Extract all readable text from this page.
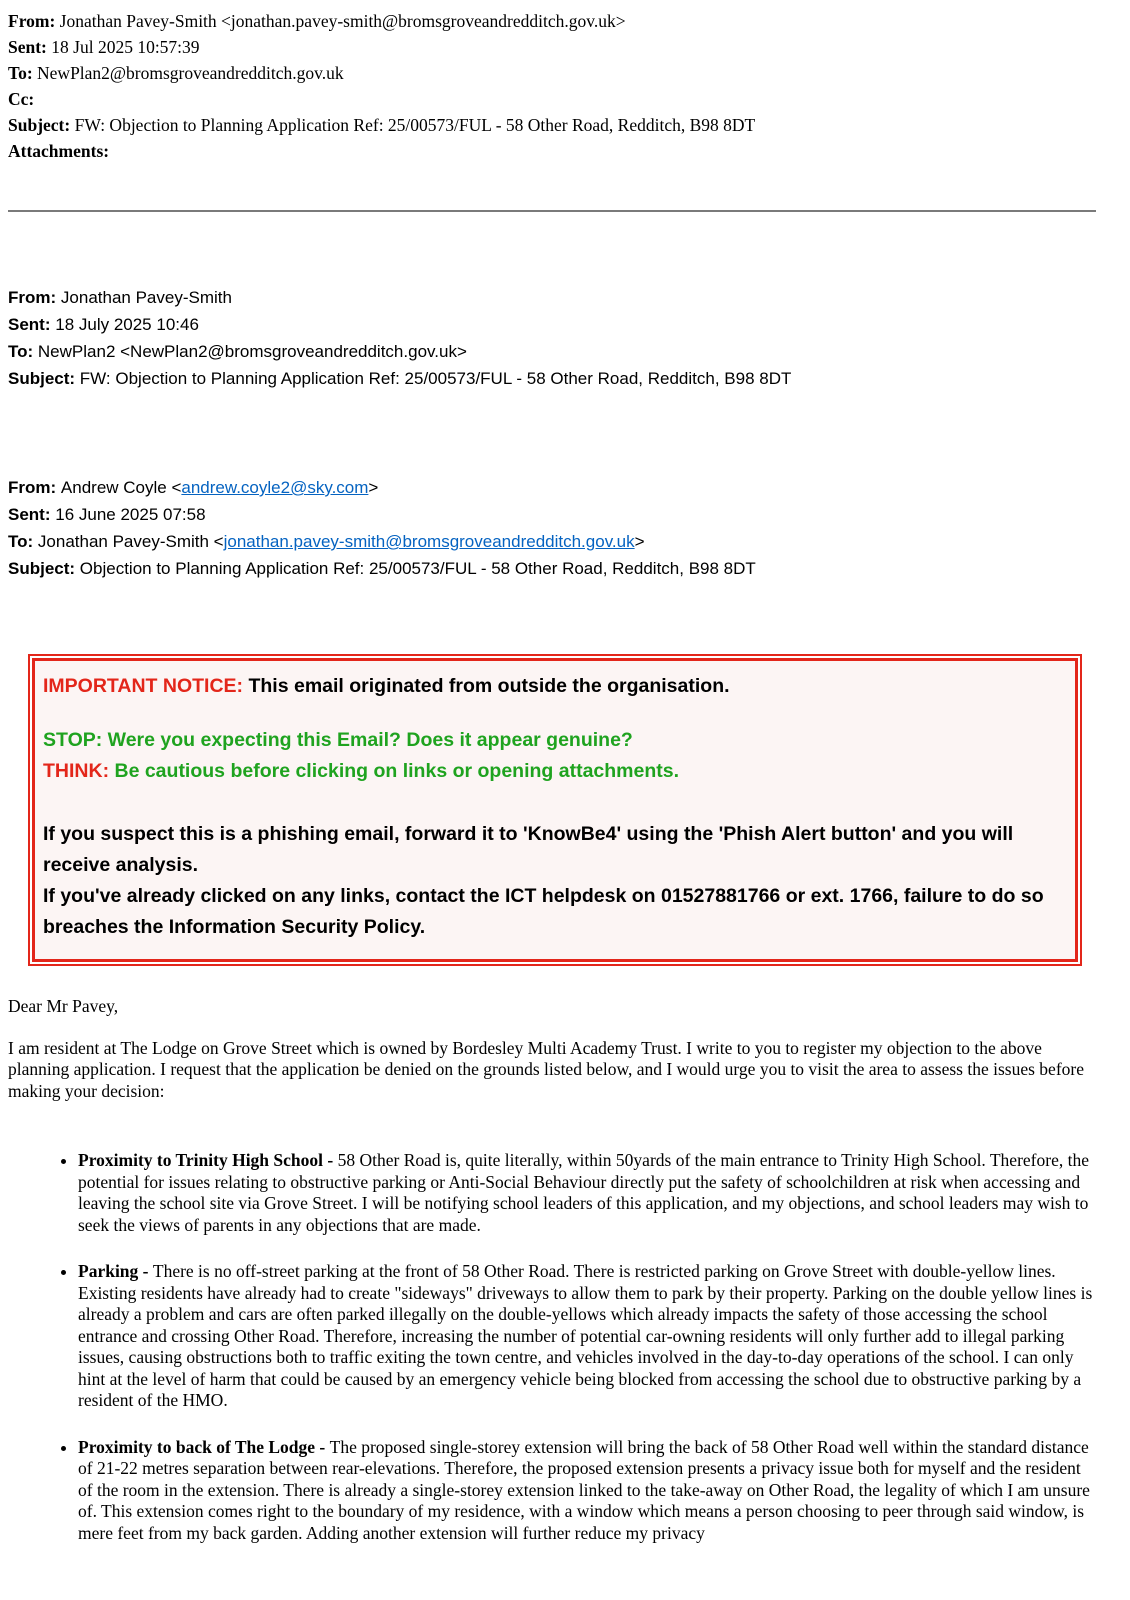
From: Jonathan Pavey-Smith <jonathan.pavey-smith@bromsgroveandredditch.gov.uk>
Sent: 18 Jul 2025 10:57:39
To: NewPlan2@bromsgroveandredditch.gov.uk
Cc:
Subject: FW: Objection to Planning Application Ref: 25/00573/FUL - 58 Other Road, Redditch, B98 8DT
Attachments:
From: Jonathan Pavey-Smith
Sent: 18 July 2025 10:46
To: NewPlan2 <NewPlan2@bromsgroveandredditch.gov.uk>
Subject: FW: Objection to Planning Application Ref: 25/00573/FUL - 58 Other Road, Redditch, B98 8DT
From: Andrew Coyle <andrew.coyle2@sky.com>
Sent: 16 June 2025 07:58
To: Jonathan Pavey-Smith <jonathan.pavey-smith@bromsgroveandredditch.gov.uk>
Subject: Objection to Planning Application Ref: 25/00573/FUL - 58 Other Road, Redditch, B98 8DT

IMPORTANT NOTICE: This email originated from outside the organisation.

STOP: Were you expecting this Email? Does it appear genuine?

THINK: Be cautious before clicking on links or opening attachments.

If you suspect this is a phishing email, forward it to 'KnowBe4' using the 'Phish Alert button' and you will receive analysis.

If you've already clicked on any links, contact the ICT helpdesk on 01527881766 or ext. 1766, failure to do so breaches the Information Security Policy.

Dear Mr Pavey,

I am resident at The Lodge on Grove Street which is owned by Bordesley Multi Academy Trust. I write to you to register my objection to the above planning application. I request that the application be denied on the grounds listed below, and I would urge you to visit the area to assess the issues before making your decision:

• Proximity to Trinity High School - 58 Other Road is, quite literally, within 50yards of the main entrance to Trinity High School. Therefore, the potential for issues relating to obstructive parking or Anti-Social Behaviour directly put the safety of schoolchildren at risk when accessing and leaving the school site via Grove Street. I will be notifying school leaders of this application, and my objections, and school leaders may wish to seek the views of parents in any objections that are made.
• Parking - There is no off-street parking at the front of 58 Other Road. There is restricted parking on Grove Street with double-yellow lines. Existing residents have already had to create "sideways" driveways to allow them to park by their property. Parking on the double yellow lines is already a problem and cars are often parked illegally on the double-yellows which already impacts the safety of those accessing the school entrance and crossing Other Road. Therefore, increasing the number of potential car-owning residents will only further add to illegal parking issues, causing obstructions both to traffic exiting the town centre, and vehicles involved in the day-to-day operations of the school. I can only hint at the level of harm that could be caused by an emergency vehicle being blocked from accessing the school due to obstructive parking by a resident of the HMO.
• Proximity to back of The Lodge - The proposed single-storey extension will bring the back of 58 Other Road well within the standard distance of 21-22 metres separation between rear-elevations. Therefore, the proposed extension presents a privacy issue both for myself and the resident of the room in the extension. There is already a single-storey extension linked to the take-away on Other Road, the legality of which I am unsure of. This extension comes right to the boundary of my residence, with a window which means a person choosing to peer through said window, is mere feet from my back garden. Adding another extension will further reduce my privacy
